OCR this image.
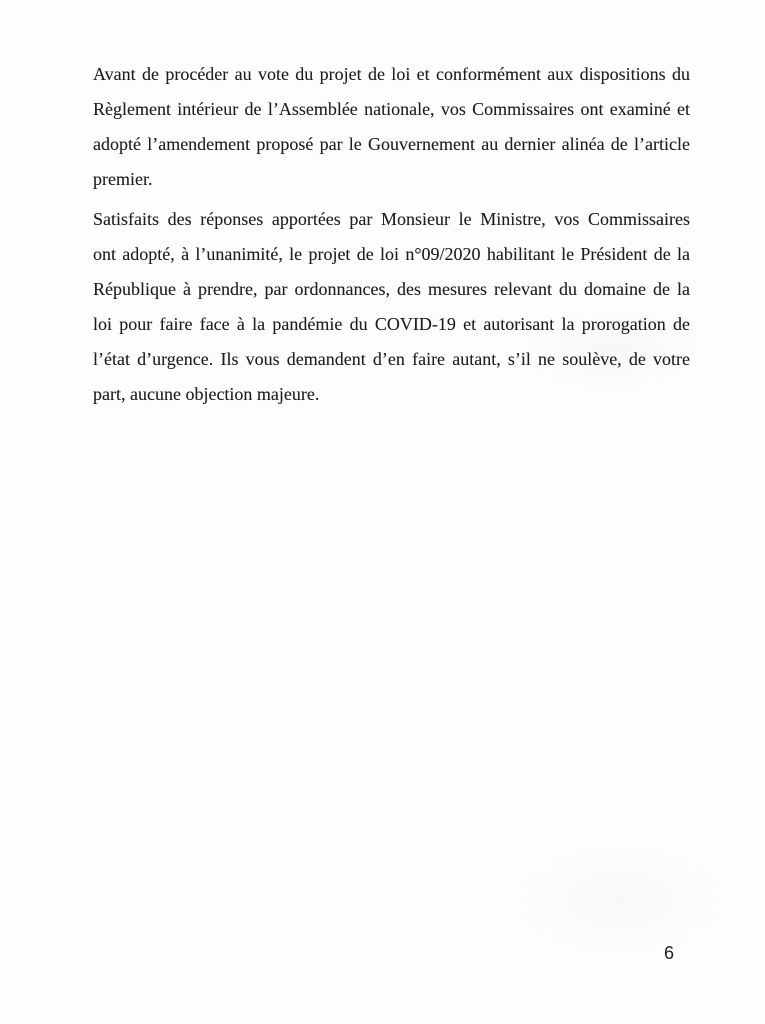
Avant de procéder au vote du projet de loi et conformément aux dispositions du
Règlement intérieur de l’Assemblée nationale, vos Commissaires ont examiné et
adopté l’amendement proposé par le Gouvernement au dernier alinéa de l’article
premier.

Satisfaits des réponses apportées par Monsieur le Ministre, vos Commissaires
ont adopté, à l’unanimité, le projet de loi n°09/2020 habilitant le Président de la
République à prendre, par ordonnances, des mesures relevant du domaine de la
loi pour faire face à la pandémie du COVID-19 et autorisant la prorogation de
l’état d’urgence. Ils vous demandent d’en faire autant, s’il ne soulève, de votre
part, aucune objection majeure.

6
